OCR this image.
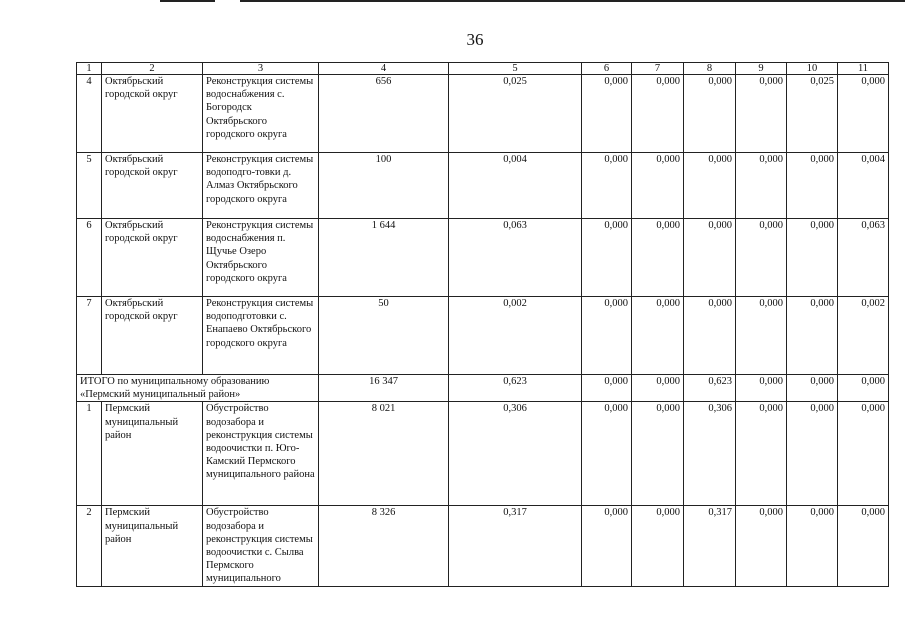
36
1	2	3	4	5	6	7	8	9	10	11
4	Октябрьский городской округ	Реконструкция системы водоснабжения с. Богородск Октябрьского городского округа	656	0,025	0,000	0,000	0,000	0,000	0,025	0,000
5	Октябрьский городской округ	Реконструкция системы водоподго-товки д. Алмаз Октябрьского городского округа	100	0,004	0,000	0,000	0,000	0,000	0,000	0,004
6	Октябрьский городской округ	Реконструкция системы водоснабжения п. Щучье Озеро Октябрьского городского округа	1 644	0,063	0,000	0,000	0,000	0,000	0,000	0,063
7	Октябрьский городской округ	Реконструкция системы водоподготовки с. Енапаево Октябрьского городского округа	50	0,002	0,000	0,000	0,000	0,000	0,000	0,002
ИТОГО по муниципальному образованию «Пермский муниципальный район»			16 347	0,623	0,000	0,000	0,623	0,000	0,000	0,000
1	Пермский муниципальный район	Обустройство водозабора и реконструкция системы водоочистки п. Юго-Камский Пермского муниципального района	8 021	0,306	0,000	0,000	0,306	0,000	0,000	0,000
2	Пермский муниципальный район	Обустройство водозабора и реконструкция системы водоочистки с. Сылва Пермского муниципального	8 326	0,317	0,000	0,000	0,317	0,000	0,000	0,000
